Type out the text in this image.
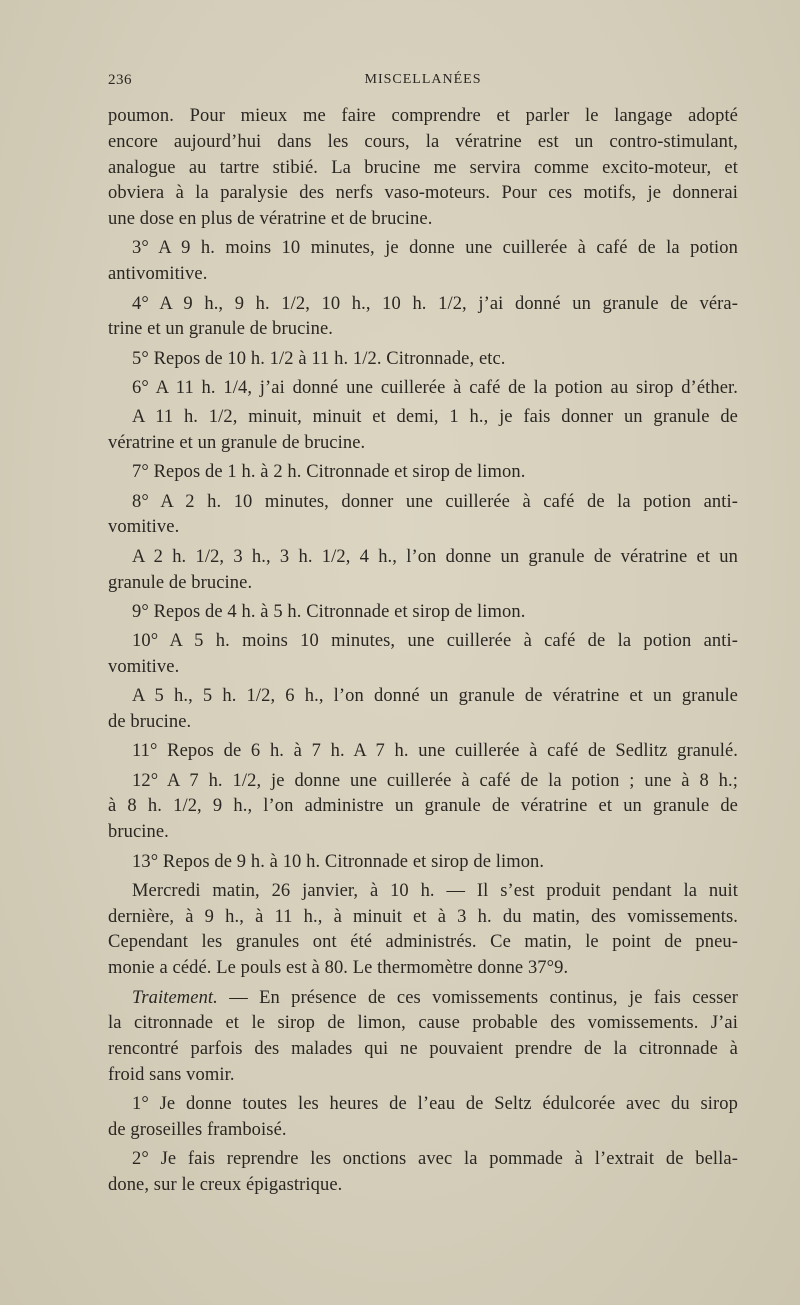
236	MISCELLANÉES
poumon. Pour mieux me faire comprendre et parler le langage adopté
encore aujourd’hui dans les cours, la vératrine est un contro-stimulant,
analogue au tartre stibié. La brucine me servira comme excito-moteur, et
obviera à la paralysie des nerfs vaso-moteurs. Pour ces motifs, je donnerai
une dose en plus de vératrine et de brucine.
3° A 9 h. moins 10 minutes, je donne une cuillerée à café de la potion
antivomitive.
4° A 9 h., 9 h. 1/2, 10 h., 10 h. 1/2, j’ai donné un granule de véra-
trine et un granule de brucine.
5° Repos de 10 h. 1/2 à 11 h. 1/2. Citronnade, etc.
6° A 11 h. 1/4, j’ai donné une cuillerée à café de la potion au sirop d’éther.
A 11 h. 1/2, minuit, minuit et demi, 1 h., je fais donner un granule de
vératrine et un granule de brucine.
7° Repos de 1 h. à 2 h. Citronnade et sirop de limon.
8° A 2 h. 10 minutes, donner une cuillerée à café de la potion anti-
vomitive.
A 2 h. 1/2, 3 h., 3 h. 1/2, 4 h., l’on donne un granule de vératrine et un
granule de brucine.
9° Repos de 4 h. à 5 h. Citronnade et sirop de limon.
10° A 5 h. moins 10 minutes, une cuillerée à café de la potion anti-
vomitive.
A 5 h., 5 h. 1/2, 6 h., l’on donné un granule de vératrine et un granule
de brucine.
11° Repos de 6 h. à 7 h. A 7 h. une cuillerée à café de Sedlitz granulé.
12° A 7 h. 1/2, je donne une cuillerée à café de la potion ; une à 8 h.;
à 8 h. 1/2, 9 h., l’on administre un granule de vératrine et un granule de
brucine.
13° Repos de 9 h. à 10 h. Citronnade et sirop de limon.
Mercredi matin, 26 janvier, à 10 h. — Il s’est produit pendant la nuit
dernière, à 9 h., à 11 h., à minuit et à 3 h. du matin, des vomissements.
Cependant les granules ont été administrés. Ce matin, le point de pneu-
monie a cédé. Le pouls est à 80. Le thermomètre donne 37°9.
Traitement. — En présence de ces vomissements continus, je fais cesser
la citronnade et le sirop de limon, cause probable des vomissements. J’ai
rencontré parfois des malades qui ne pouvaient prendre de la citronnade à
froid sans vomir.
1° Je donne toutes les heures de l’eau de Seltz édulcorée avec du sirop
de groseilles framboisé.
2° Je fais reprendre les onctions avec la pommade à l’extrait de bella-
done, sur le creux épigastrique.
